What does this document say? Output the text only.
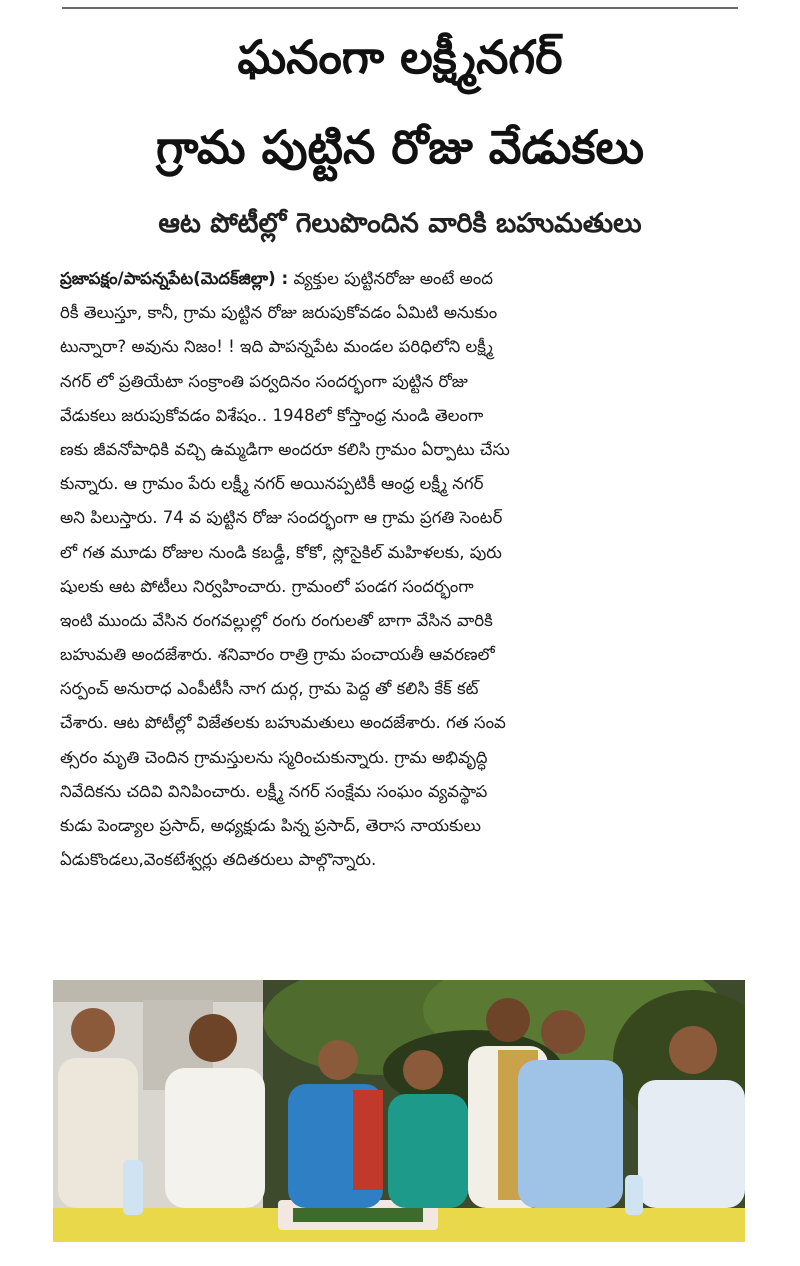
ఘనంగా లక్ష్మీనగర్
గ్రామ పుట్టిన రోజు వేడుకలు
ఆట పోటీల్లో గెలుపొందిన వారికి బహుమతులు
ప్రజాపక్షం/పాపన్నపేట(మెదక్‌జిల్లా) : వ్యక్తుల పుట్టినరోజు అంటే అంద
రికీ తెలుస్తూ, కానీ, గ్రామ పుట్టిన రోజు జరుపుకోవడం ఏమిటి అనుకుం
టున్నారా? అవును నిజం! ! ఇది పాపన్నపేట మండల పరిధిలోని లక్ష్మీ
నగర్ లో ప్రతియేటా సంక్రాంతి పర్వదినం సందర్భంగా పుట్టిన రోజు
వేడుకలు జరుపుకోవడం విశేషం.. 1948లో కోస్తాంధ్ర నుండి తెలంగా
ణకు జీవనోపాధికి వచ్చి ఉమ్మడిగా అందరూ కలిసి గ్రామం ఏర్పాటు చేసు
కున్నారు. ఆ గ్రామం పేరు లక్ష్మీ నగర్ అయినప్పటికీ ఆంధ్ర లక్ష్మీ నగర్
అని పిలుస్తారు. 74 వ పుట్టిన రోజు సందర్భంగా ఆ గ్రామ ప్రగతి సెంటర్
లో గత మూడు రోజుల నుండి కబడ్డీ, కోకో, స్లోసైకిల్ మహిళలకు, పురు
షులకు ఆట పోటీలు నిర్వహించారు. గ్రామంలో పండగ సందర్భంగా
ఇంటి ముందు వేసిన రంగవల్లుల్లో రంగు రంగులతో బాగా వేసిన వారికి
బహుమతి అందజేశారు. శనివారం రాత్రి గ్రామ పంచాయతీ ఆవరణలో
సర్పంచ్ అనురాధ ఎంపీటీసీ నాగ దుర్గ, గ్రామ పెద్ద తో కలిసి కేక్ కట్
చేశారు. ఆట పోటీల్లో విజేతలకు బహుమతులు అందజేశారు. గత సంవ
త్సరం మృతి చెందిన గ్రామస్తులను స్మరించుకున్నారు. గ్రామ అభివృద్ధి
నివేదికను చదివి వినిపించారు. లక్ష్మీ నగర్ సంక్షేమ సంఘం వ్యవస్థాప
కుడు పెండ్యాల ప్రసాద్, అధ్యక్షుడు పిన్న ప్రసాద్, తెరాస నాయకులు
ఏడుకొండలు,వెంకటేశ్వర్లు తదితరులు పాల్గొన్నారు.
